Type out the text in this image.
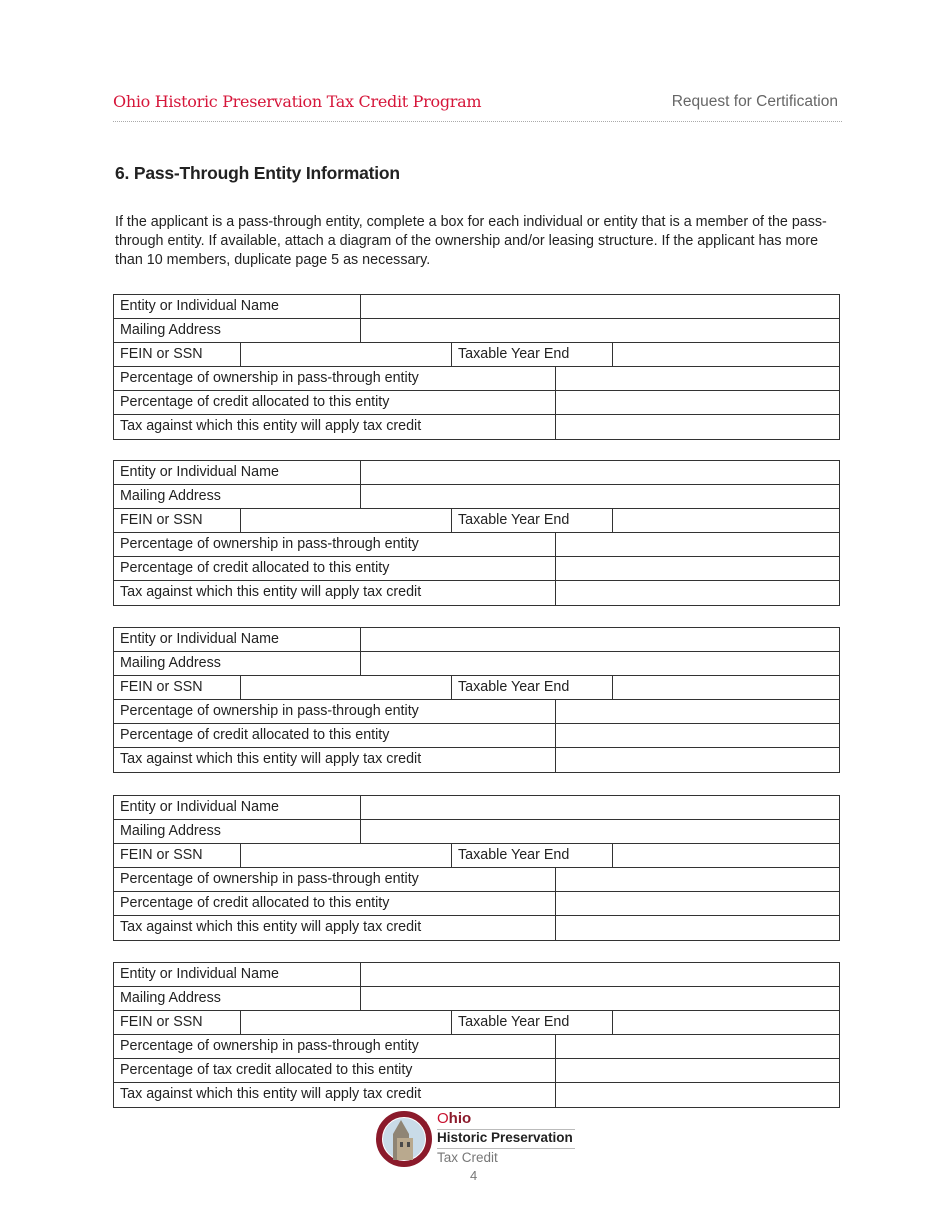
Ohio Historic Preservation Tax Credit Program	Request for Certification
6. Pass-Through Entity Information

If the applicant is a pass-through entity, complete a box for each individual or entity that is a member of the pass-through entity. If available, attach a diagram of the ownership and/or leasing structure. If the applicant has more than 10 members, duplicate page 5 as necessary.

Entity or Individual Name
Mailing Address
FEIN or SSN	Taxable Year End
Percentage of ownership in pass-through entity
Percentage of credit allocated to this entity
Tax against which this entity will apply tax credit
Entity or Individual Name
Mailing Address
FEIN or SSN	Taxable Year End
Percentage of ownership in pass-through entity
Percentage of credit allocated to this entity
Tax against which this entity will apply tax credit
Entity or Individual Name
Mailing Address
FEIN or SSN	Taxable Year End
Percentage of ownership in pass-through entity
Percentage of credit allocated to this entity
Tax against which this entity will apply tax credit
Entity or Individual Name
Mailing Address
FEIN or SSN	Taxable Year End
Percentage of ownership in pass-through entity
Percentage of credit allocated to this entity
Tax against which this entity will apply tax credit
Entity or Individual Name
Mailing Address
FEIN or SSN	Taxable Year End
Percentage of ownership in pass-through entity
Percentage of tax credit allocated to this entity
Tax against which this entity will apply tax credit
Ohio
Historic Preservation
Tax Credit
4
